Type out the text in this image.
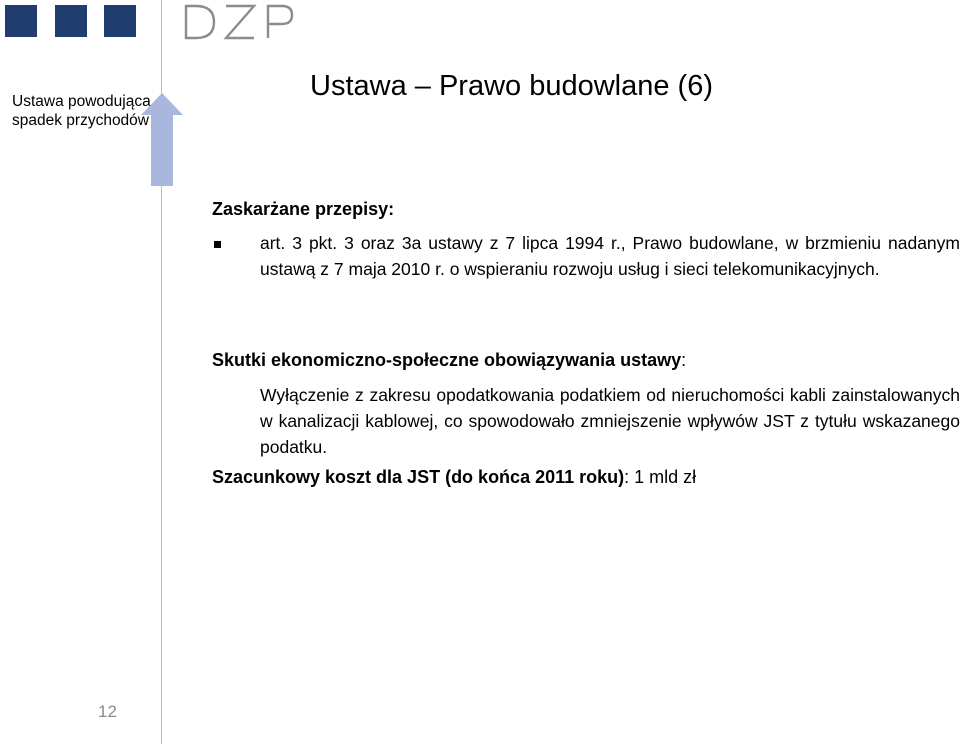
Ustawa powodująca spadek przychodów
Ustawa – Prawo budowlane (6)
Zaskarżane przepisy:

art. 3 pkt. 3 oraz 3a ustawy z 7 lipca 1994 r., Prawo budowlane, w brzmieniu nadanym ustawą z 7 maja 2010 r. o wspieraniu rozwoju usług i sieci telekomunikacyjnych.

Skutki ekonomiczno-społeczne obowiązywania ustawy:

Wyłączenie z zakresu opodatkowania podatkiem od nieruchomości kabli zainstalowanych w kanalizacji kablowej, co spowodowało zmniejszenie wpływów JST z tytułu wskazanego podatku.

Szacunkowy koszt dla JST (do końca 2011 roku): 1 mld zł
12
